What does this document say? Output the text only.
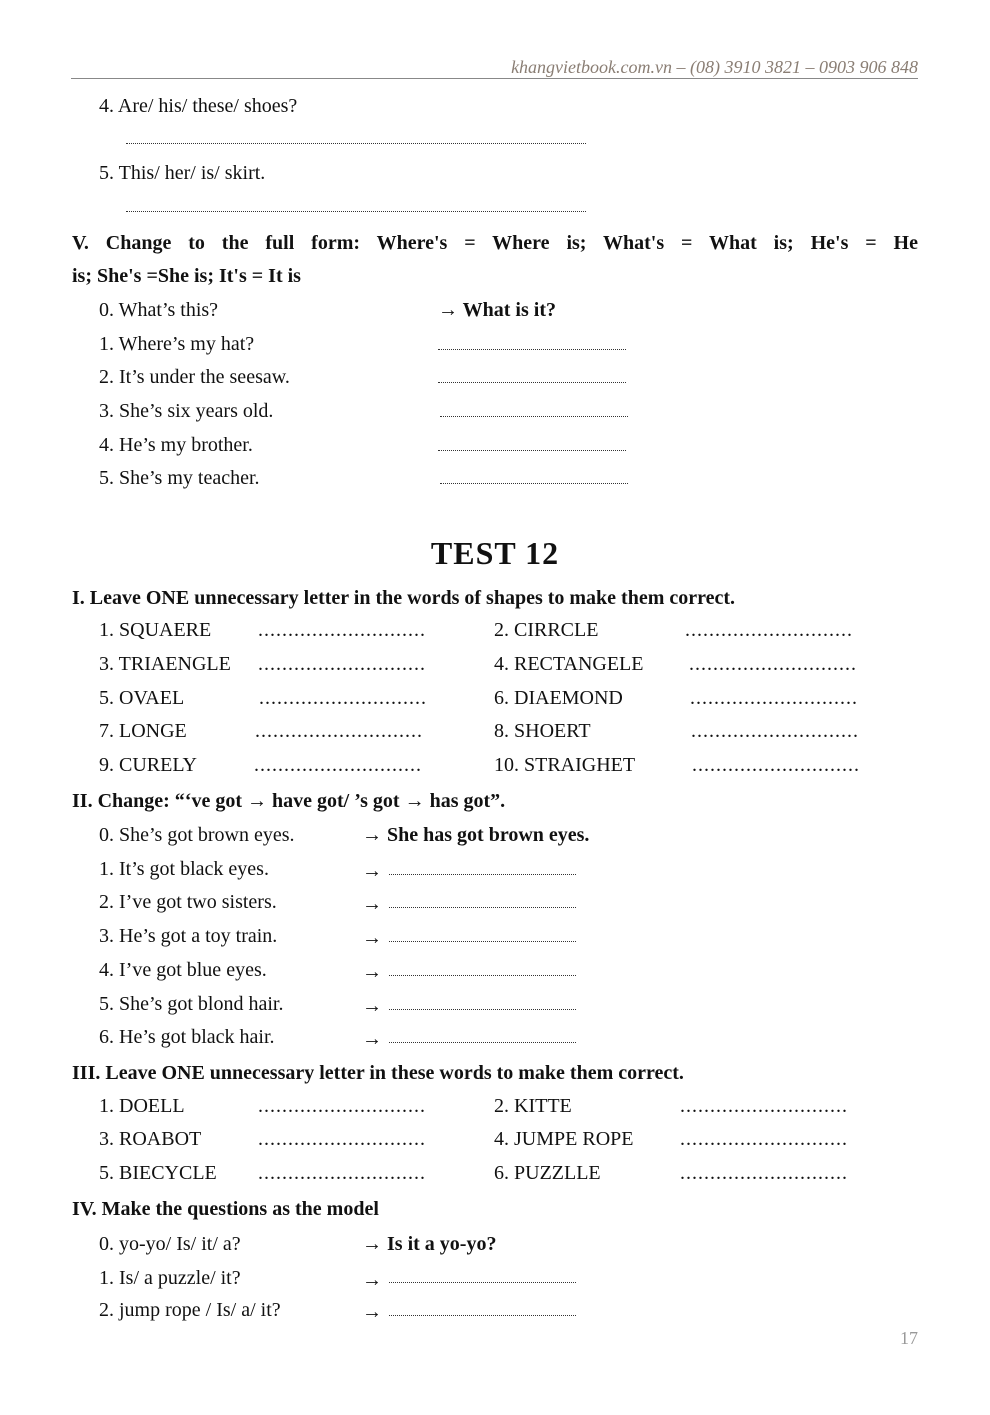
khangvietbook.com.vn – (08) 3910 3821 – 0903 906 848
4. Are/ his/ these/ shoes?
5. This/ her/ is/ skirt.
V.  Change  to  the  full  form:  Where's  =  Where  is;  What's  =  What  is;  He's  =  He
is; She's =She is; It's = It is
0. What’s this?	→ What is it?
1. Where’s my hat?
2. It’s under the seesaw.
3. She’s six years old.
4. He’s my brother.
5. She’s my teacher.
TEST 12
I. Leave ONE unnecessary letter in the words of shapes to make them correct.
1. SQUAERE ............................	2. CIRRCLE	............................
3. TRIAENGLE ............................	4. RECTANGELE ............................
5. OVAEL	............................	6. DIAEMOND	............................
7. LONGE	............................	8. SHOERT	............................
9. CURELY	............................	10. STRAIGHET	............................
II. Change: “‘ve got → have got/ ’s got → has got”.
0. She’s got brown eyes.	→ She has got brown eyes.
1. It’s got black eyes.	→
2. I’ve got two sisters.	→
3. He’s got a toy train.	→
4. I’ve got blue eyes.	→
5. She’s got blond hair.	→
6. He’s got black hair.	→
III. Leave ONE unnecessary letter in these words to make them correct.
1. DOELL	............................	2. KITTE	............................
3. ROABOT	............................	4. JUMPE ROPE ............................
5. BIECYCLE ............................	6. PUZZLLE	............................
IV. Make the questions as the model
0. yo-yo/ Is/ it/ a?	→ Is it a yo-yo?
1. Is/ a puzzle/ it?	→
2. jump rope / Is/ a/ it?	→
17
